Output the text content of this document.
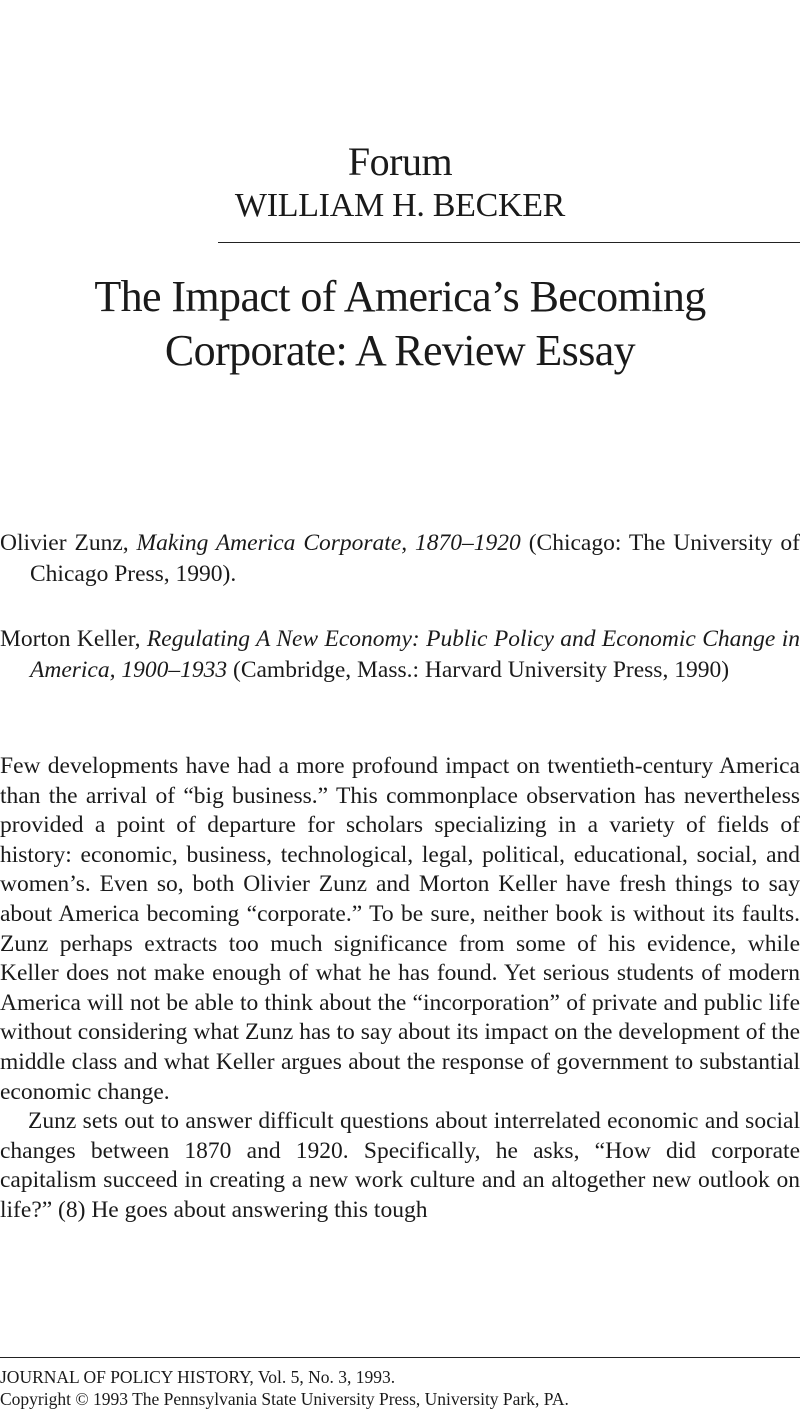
Forum
WILLIAM H. BECKER
The Impact of America’s Becoming
Corporate: A Review Essay
Olivier Zunz, Making America Corporate, 1870–1920 (Chicago: The University of Chicago Press, 1990).
Morton Keller, Regulating A New Economy: Public Policy and Economic Change in America, 1900–1933 (Cambridge, Mass.: Harvard University Press, 1990)

Few developments have had a more profound impact on twentieth-century America than the arrival of “big business.” This commonplace observation has nevertheless provided a point of departure for scholars specializing in a variety of fields of history: economic, business, technological, legal, political, educational, social, and women’s. Even so, both Olivier Zunz and Morton Keller have fresh things to say about America becoming “corporate.” To be sure, neither book is without its faults. Zunz perhaps extracts too much significance from some of his evidence, while Keller does not make enough of what he has found. Yet serious students of modern America will not be able to think about the “incorporation” of private and public life without considering what Zunz has to say about its impact on the development of the middle class and what Keller argues about the response of government to substantial economic change.

Zunz sets out to answer difficult questions about interrelated economic and social changes between 1870 and 1920. Specifically, he asks, “How did corporate capitalism succeed in creating a new work culture and an altogether new outlook on life?” (8) He goes about answering this tough

JOURNAL OF POLICY HISTORY, Vol. 5, No. 3, 1993.
Copyright © 1993 The Pennsylvania State University Press, University Park, PA.
